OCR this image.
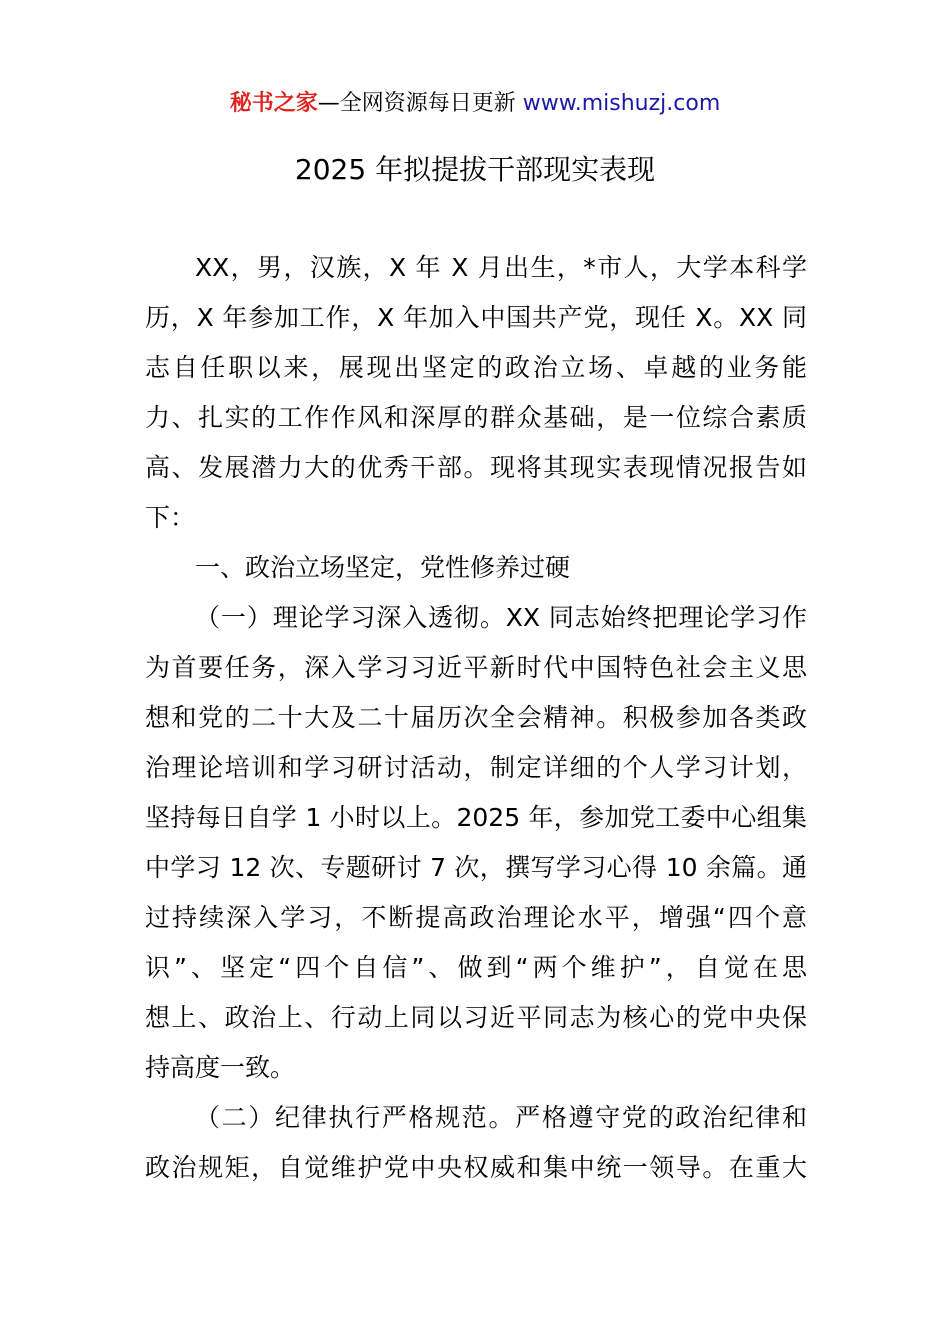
秘书之家—全网资源每日更新 www.mishuzj.com
2025 年拟提拔干部现实表现
XX，男，汉族，X 年 X 月出生，*市人，大学本科学
历，X 年参加工作，X 年加入中国共产党，现任 X。XX 同
志自任职以来，展现出坚定的政治立场、卓越的业务能
力、扎实的工作作风和深厚的群众基础，是一位综合素质
高、发展潜力大的优秀干部。现将其现实表现情况报告如
下：
一、政治立场坚定，党性修养过硬
（一）理论学习深入透彻。XX 同志始终把理论学习作
为首要任务，深入学习习近平新时代中国特色社会主义思
想和党的二十大及二十届历次全会精神。积极参加各类政
治理论培训和学习研讨活动，制定详细的个人学习计划，
坚持每日自学 1 小时以上。2025 年，参加党工委中心组集
中学习 12 次、专题研讨 7 次，撰写学习心得 10 余篇。通
过持续深入学习，不断提高政治理论水平，增强“四个意
识”、坚定“四个自信”、做到“两个维护”，自觉在思
想上、政治上、行动上同以习近平同志为核心的党中央保
持高度一致。
（二）纪律执行严格规范。严格遵守党的政治纪律和
政治规矩，自觉维护党中央权威和集中统一领导。在重大
